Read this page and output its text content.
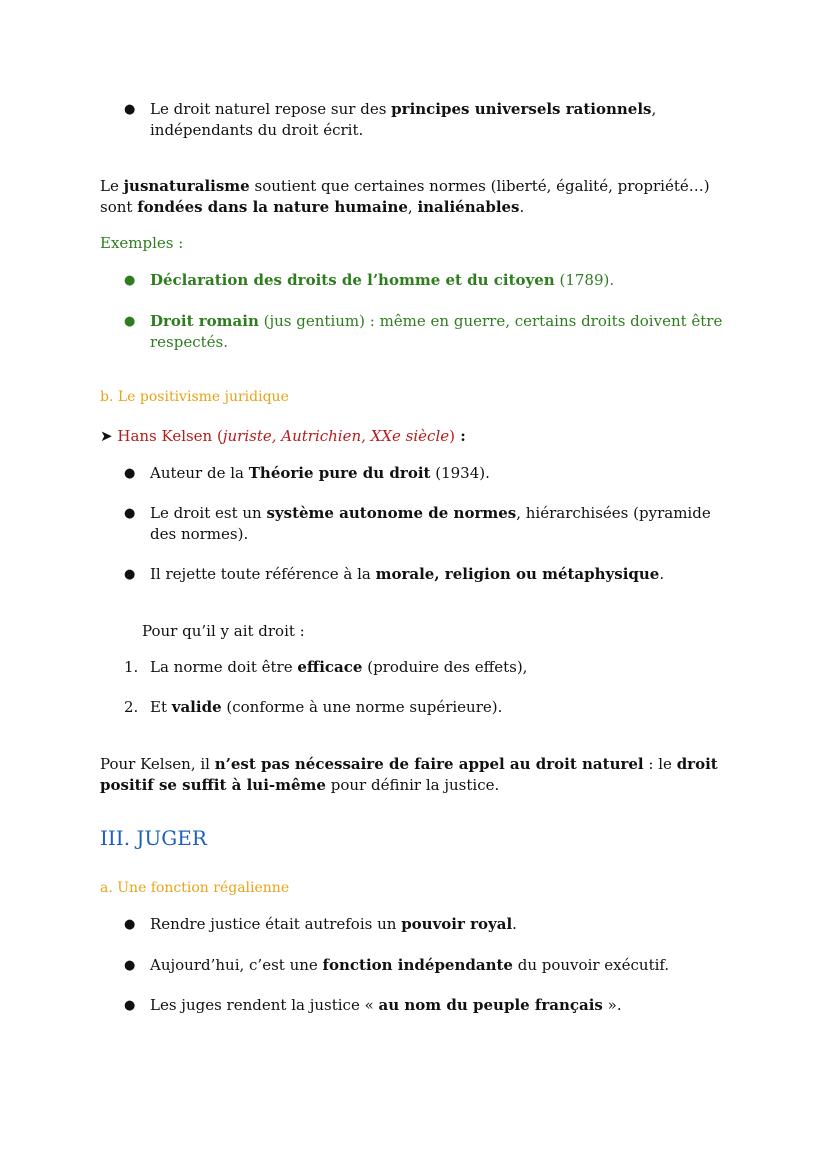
● Le droit naturel repose sur des principes universels rationnels, indépendants du droit écrit.
Le jusnaturalisme soutient que certaines normes (liberté, égalité, propriété…) sont fondées dans la nature humaine, inaliénables.
Exemples :
● Déclaration des droits de l’homme et du citoyen (1789).
● Droit romain (jus gentium) : même en guerre, certains droits doivent être respectés.
b. Le positivisme juridique
➤ Hans Kelsen (juriste, Autrichien, XXe siècle) :
● Auteur de la Théorie pure du droit (1934).
● Le droit est un système autonome de normes, hiérarchisées (pyramide des normes).
● Il rejette toute référence à la morale, religion ou métaphysique.
Pour qu’il y ait droit :
1. La norme doit être efficace (produire des effets),
2. Et valide (conforme à une norme supérieure).
Pour Kelsen, il n’est pas nécessaire de faire appel au droit naturel : le droit positif se suffit à lui-même pour définir la justice.
III. JUGER
a. Une fonction régalienne
● Rendre justice était autrefois un pouvoir royal.
● Aujourd’hui, c’est une fonction indépendante du pouvoir exécutif.
● Les juges rendent la justice « au nom du peuple français ».
